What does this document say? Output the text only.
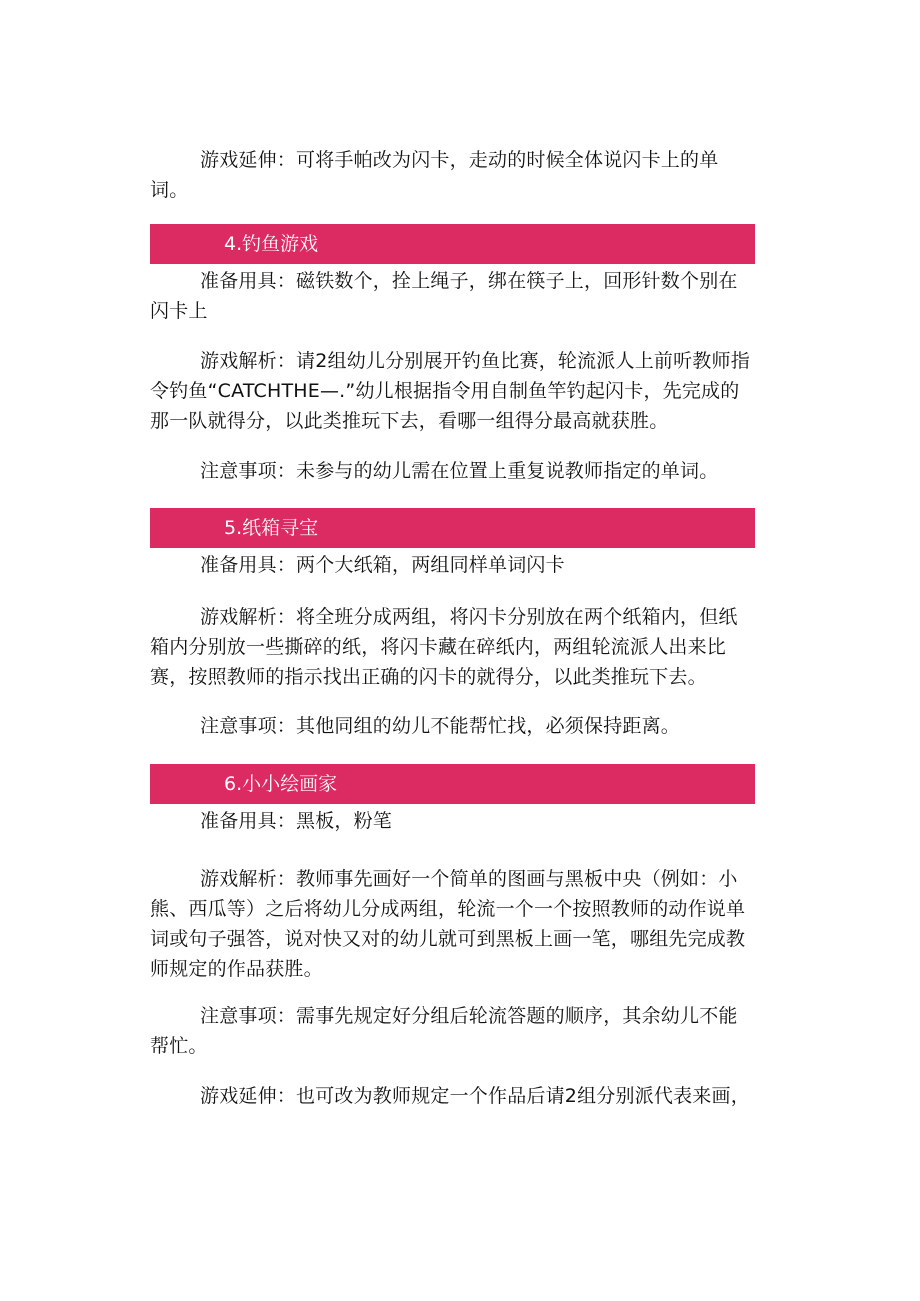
游戏延伸：可将手帕改为闪卡，走动的时候全体说闪卡上的单词。

4.钓鱼游戏

准备用具：磁铁数个，拴上绳子，绑在筷子上，回形针数个别在闪卡上

游戏解析：请2组幼儿分别展开钓鱼比赛，轮流派人上前听教师指令钓鱼“CATCHTHE—.”幼儿根据指令用自制鱼竿钓起闪卡，先完成的那一队就得分，以此类推玩下去，看哪一组得分最高就获胜。

注意事项：未参与的幼儿需在位置上重复说教师指定的单词。

5.纸箱寻宝

准备用具：两个大纸箱，两组同样单词闪卡

游戏解析：将全班分成两组，将闪卡分别放在两个纸箱内，但纸箱内分别放一些撕碎的纸，将闪卡藏在碎纸内，两组轮流派人出来比赛，按照教师的指示找出正确的闪卡的就得分，以此类推玩下去。

注意事项：其他同组的幼儿不能帮忙找，必须保持距离。

6.小小绘画家

准备用具：黑板，粉笔

游戏解析：教师事先画好一个简单的图画与黑板中央（例如：小熊、西瓜等）之后将幼儿分成两组，轮流一个一个按照教师的动作说单词或句子强答，说对快又对的幼儿就可到黑板上画一笔，哪组先完成教师规定的作品获胜。

注意事项：需事先规定好分组后轮流答题的顺序，其余幼儿不能帮忙。

游戏延伸：也可改为教师规定一个作品后请2组分别派代表来画，
